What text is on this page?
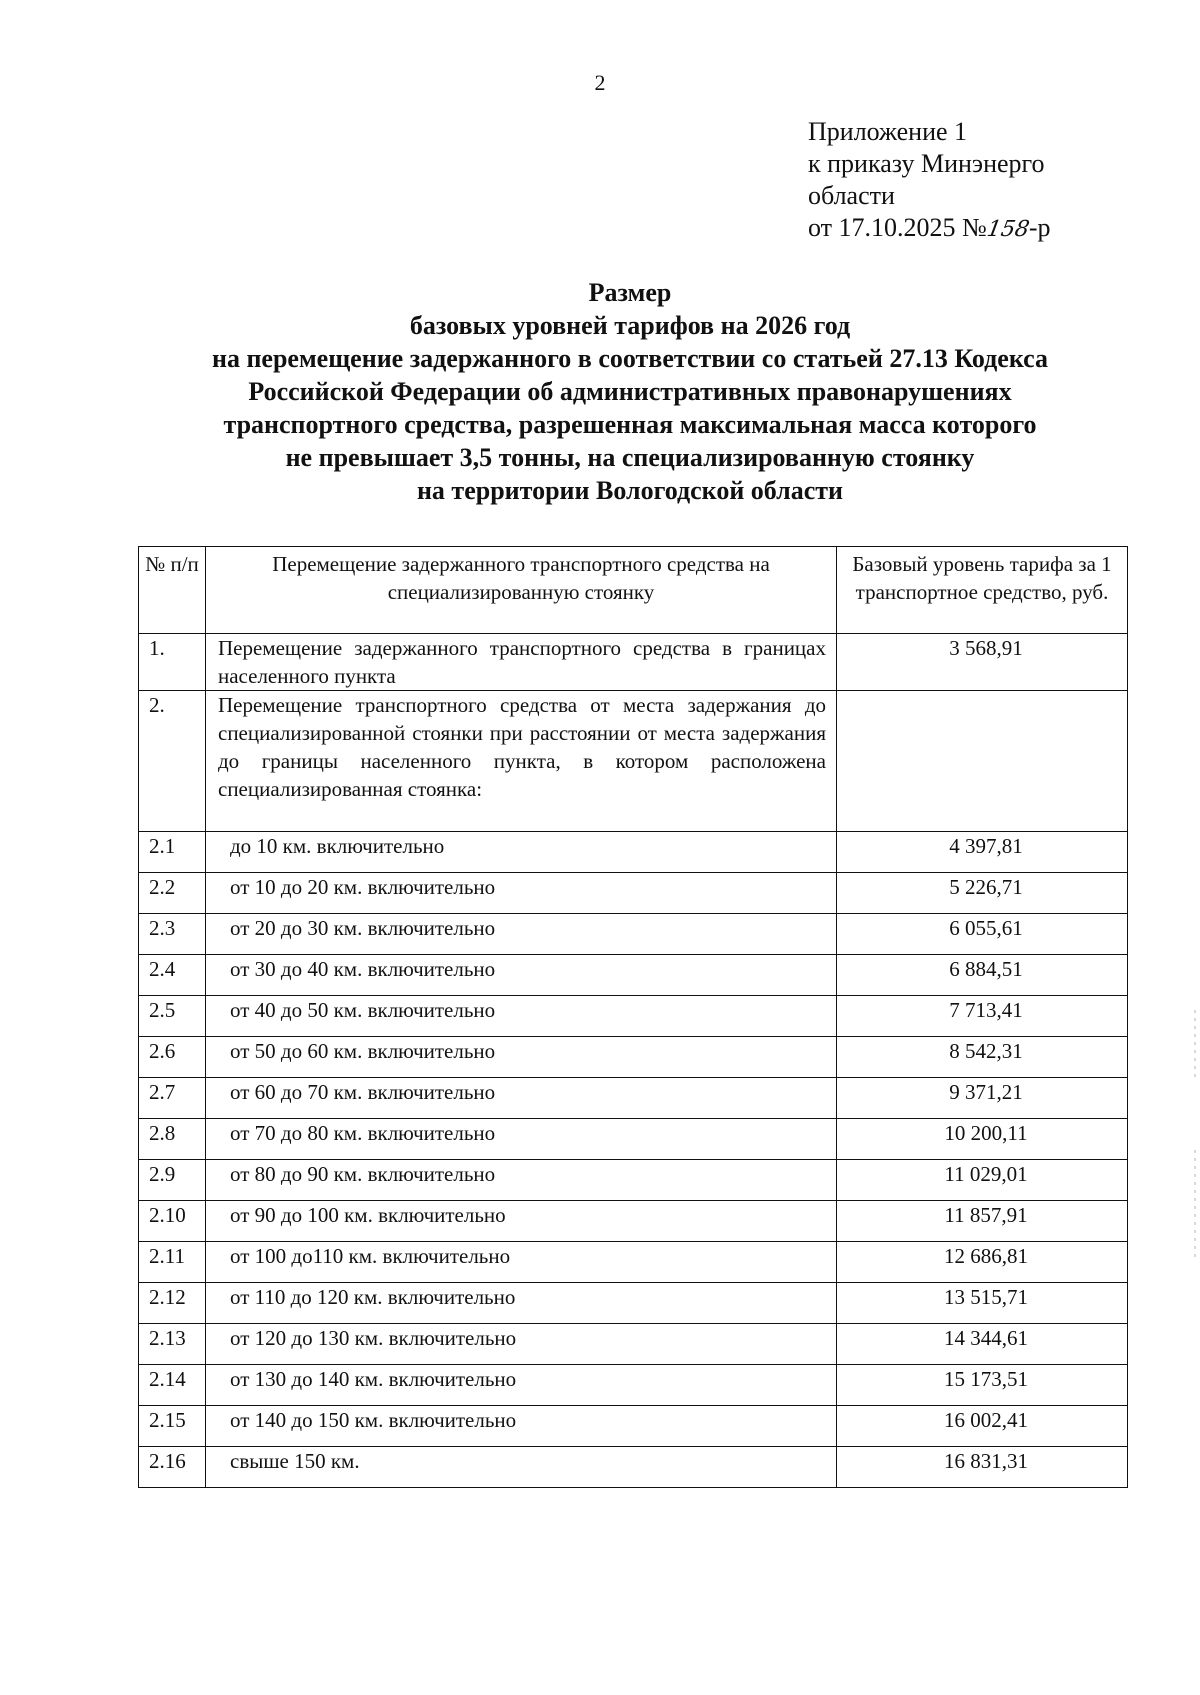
2
Приложение 1
к приказу Минэнерго
области
от 17.10.2025 №158-р
Размер
базовых уровней тарифов на 2026 год
на перемещение задержанного в соответствии со статьей 27.13 Кодекса
Российской Федерации об административных правонарушениях
транспортного средства, разрешенная максимальная масса которого
не превышает 3,5 тонны, на специализированную стоянку
на территории Вологодской области
№ п/п	Перемещение задержанного транспортного средства на специализированную стоянку	Базовый уровень тарифа за 1 транспортное средство, руб.

1.	Перемещение задержанного транспортного средства в границах населенного пункта	3 568,91
2.	Перемещение транспортного средства от места задержания до специализированной стоянки при расстоянии от места задержания до границы населенного пункта, в котором расположена специализированная стоянка:	
2.1	до 10 км. включительно	4 397,81
2.2	от 10 до 20 км. включительно	5 226,71
2.3	от 20 до 30 км. включительно	6 055,61
2.4	от 30 до 40 км. включительно	6 884,51
2.5	от 40 до 50 км. включительно	7 713,41
2.6	от 50 до 60 км. включительно	8 542,31
2.7	от 60 до 70 км. включительно	9 371,21
2.8	от 70 до 80 км. включительно	10 200,11
2.9	от 80 до 90 км. включительно	11 029,01
2.10	от 90 до 100 км. включительно	11 857,91
2.11	от 100 до110 км. включительно	12 686,81
2.12	от 110 до 120 км. включительно	13 515,71
2.13	от 120 до 130 км. включительно	14 344,61
2.14	от 130 до 140 км. включительно	15 173,51
2.15	от 140 до 150 км. включительно	16 002,41
2.16	свыше 150 км.	16 831,31
